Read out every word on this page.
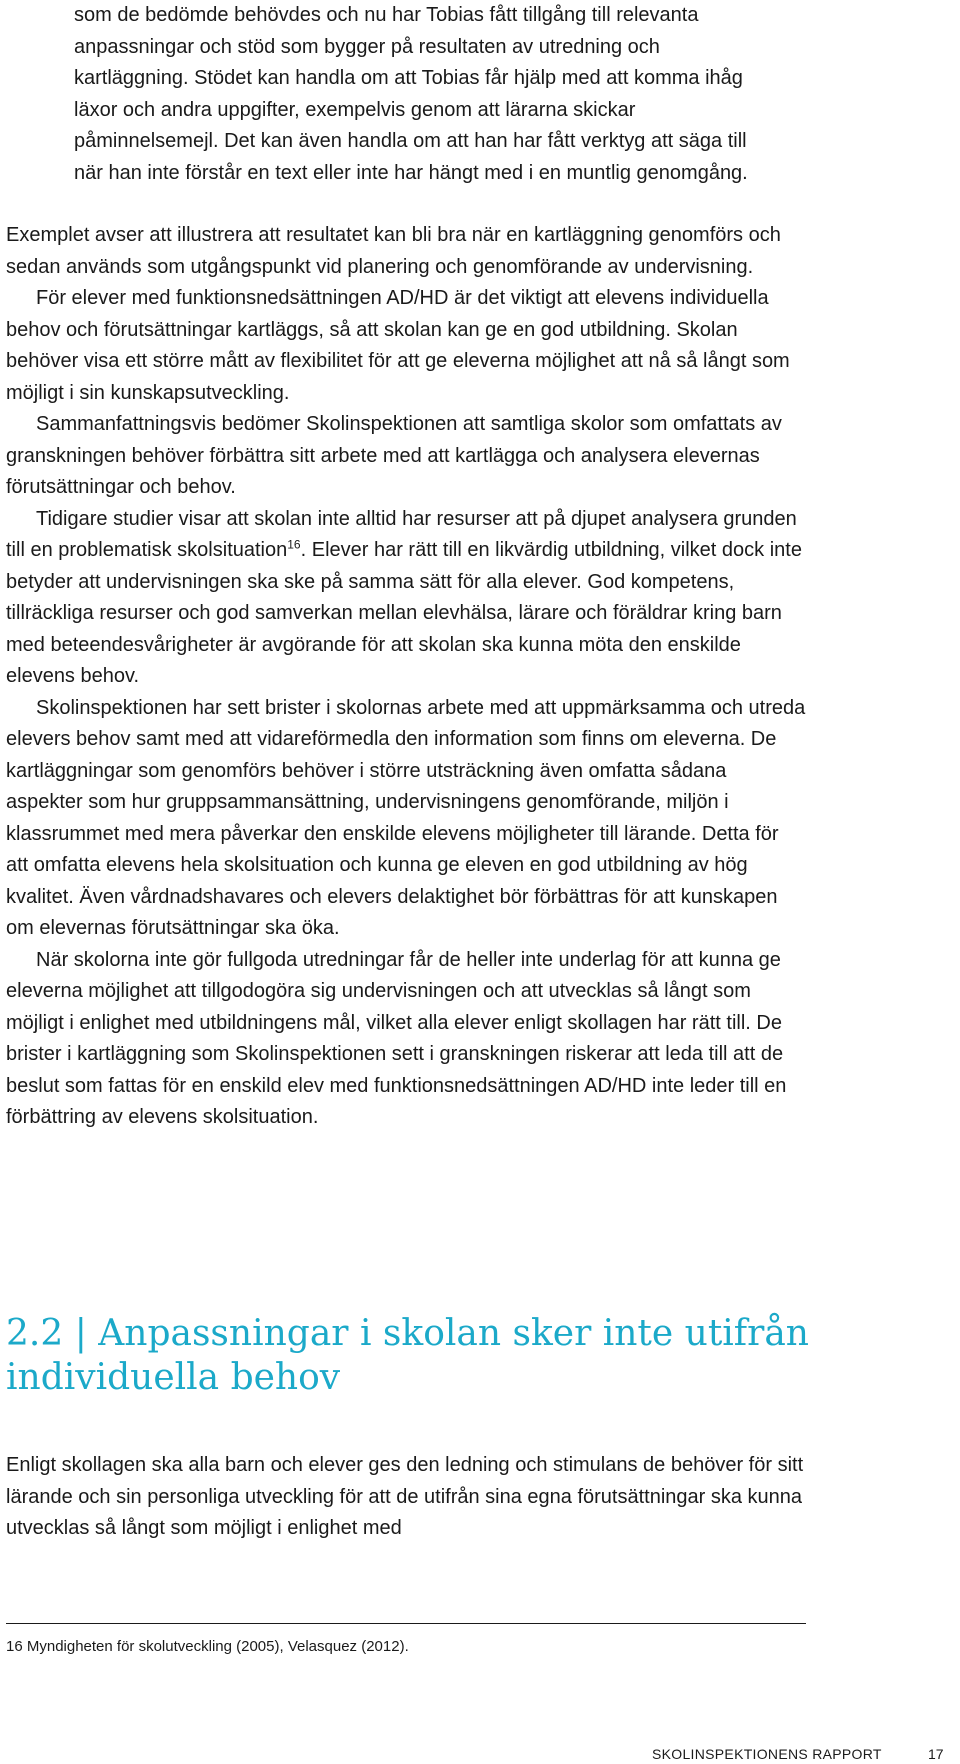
som de bedömde behövdes och nu har Tobias fått tillgång till relevanta anpassningar och stöd som bygger på resultaten av utredning och kartläggning. Stödet kan handla om att Tobias får hjälp med att komma ihåg läxor och andra uppgifter, exempelvis genom att lärarna skickar påminnelsemejl. Det kan även handla om att han har fått verktyg att säga till när han inte förstår en text eller inte har hängt med i en muntlig genomgång.

Exemplet avser att illustrera att resultatet kan bli bra när en kartläggning genomförs och sedan används som utgångspunkt vid planering och genomförande av undervisning.

För elever med funktionsnedsättningen AD/HD är det viktigt att elevens individuella behov och förutsättningar kartläggs, så att skolan kan ge en god utbildning. Skolan behöver visa ett större mått av flexibilitet för att ge eleverna möjlighet att nå så långt som möjligt i sin kunskapsutveckling.

Sammanfattningsvis bedömer Skolinspektionen att samtliga skolor som omfattats av granskningen behöver förbättra sitt arbete med att kartlägga och analysera elevernas förutsättningar och behov.

Tidigare studier visar att skolan inte alltid har resurser att på djupet analysera grunden till en problematisk skolsituation$^{16}$. Elever har rätt till en likvärdig utbildning, vilket dock inte betyder att undervisningen ska ske på samma sätt för alla elever. God kompetens, tillräckliga resurser och god samverkan mellan elevhälsa, lärare och föräldrar kring barn med beteendesvårigheter är avgörande för att skolan ska kunna möta den enskilde elevens behov.

Skolinspektionen har sett brister i skolornas arbete med att uppmärksamma och utreda elevers behov samt med att vidareförmedla den information som finns om eleverna. De kartläggningar som genomförs behöver i större utsträckning även omfatta sådana aspekter som hur gruppsammansättning, undervisningens genomförande, miljön i klassrummet med mera påverkar den enskilde elevens möjligheter till lärande. Detta för att omfatta elevens hela skolsituation och kunna ge eleven en god utbildning av hög kvalitet. Även vårdnadshavares och elevers delaktighet bör förbättras för att kunskapen om elevernas förutsättningar ska öka.

När skolorna inte gör fullgoda utredningar får de heller inte underlag för att kunna ge eleverna möjlighet att tillgodogöra sig undervisningen och att utvecklas så långt som möjligt i enlighet med utbildningens mål, vilket alla elever enligt skollagen har rätt till. De brister i kartläggning som Skolinspektionen sett i granskningen riskerar att leda till att de beslut som fattas för en enskild elev med funktionsnedsättningen AD/HD inte leder till en förbättring av elevens skolsituation.

2.2 | Anpassningar i skolan sker inte utifrån individuella behov

Enligt skollagen ska alla barn och elever ges den ledning och stimulans de behöver för sitt lärande och sin personliga utveckling för att de utifrån sina egna förutsättningar ska kunna utvecklas så långt som möjligt i enlighet med

16 Myndigheten för skolutveckling (2005), Velasquez (2012).
SKOLINSPEKTIONENS RAPPORT	17
